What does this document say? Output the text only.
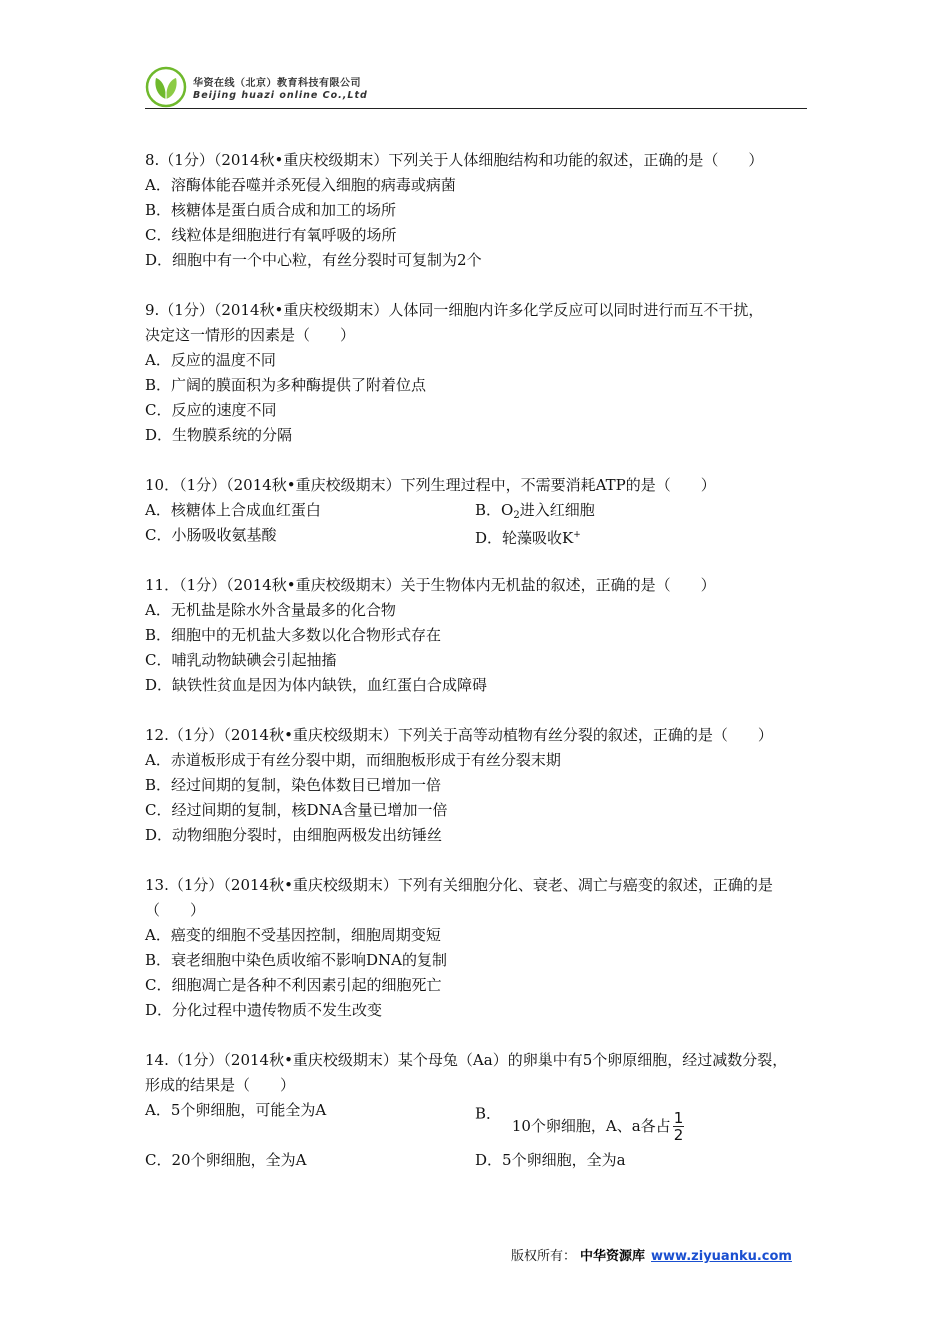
华资在线（北京）教育科技有限公司
Beijing huazi online Co.,Ltd
8.（1分）（2014秋•重庆校级期末）下列关于人体细胞结构和功能的叙述，正确的是（　　）
A．溶酶体能吞噬并杀死侵入细胞的病毒或病菌
B．核糖体是蛋白质合成和加工的场所
C．线粒体是细胞进行有氧呼吸的场所
D．细胞中有一个中心粒，有丝分裂时可复制为2个
9.（1分）（2014秋•重庆校级期末）人体同一细胞内许多化学反应可以同时进行而互不干扰，
决定这一情形的因素是（　　）
A．反应的温度不同
B．广阔的膜面积为多种酶提供了附着位点
C．反应的速度不同
D．生物膜系统的分隔
10．（1分）（2014秋•重庆校级期末）下列生理过程中，不需要消耗ATP的是（　　）
A．核糖体上合成血红蛋白	B．$O_2$进入红细胞
C．小肠吸收氨基酸	D．轮藻吸收K+
11．（1分）（2014秋•重庆校级期末）关于生物体内无机盐的叙述，正确的是（　　）
A．无机盐是除水外含量最多的化合物
B．细胞中的无机盐大多数以化合物形式存在
C．哺乳动物缺碘会引起抽搐
D．缺铁性贫血是因为体内缺铁，血红蛋白合成障碍
12.（1分）（2014秋•重庆校级期末）下列关于高等动植物有丝分裂的叙述，正确的是（　　）
A．赤道板形成于有丝分裂中期，而细胞板形成于有丝分裂末期
B．经过间期的复制，染色体数目已增加一倍
C．经过间期的复制，核DNA含量已增加一倍
D．动物细胞分裂时，由细胞两极发出纺锤丝
13.（1分）（2014秋•重庆校级期末）下列有关细胞分化、衰老、凋亡与癌变的叙述，正确的是
（　　）
A．癌变的细胞不受基因控制，细胞周期变短
B．衰老细胞中染色质收缩不影响DNA的复制
C．细胞凋亡是各种不利因素引起的细胞死亡
D．分化过程中遗传物质不发生改变
14.（1分）（2014秋•重庆校级期末）某个母兔（Aa）的卵巢中有5个卵原细胞，经过减数分裂，
形成的结果是（　　）
A．5个卵细胞，可能全为A	B． 10个卵细胞，A、a各占 $\frac{1}{2}$
C．20个卵细胞，全为A	D．5个卵细胞，全为a
版权所有： 中华资源库 www.ziyuanku.com
